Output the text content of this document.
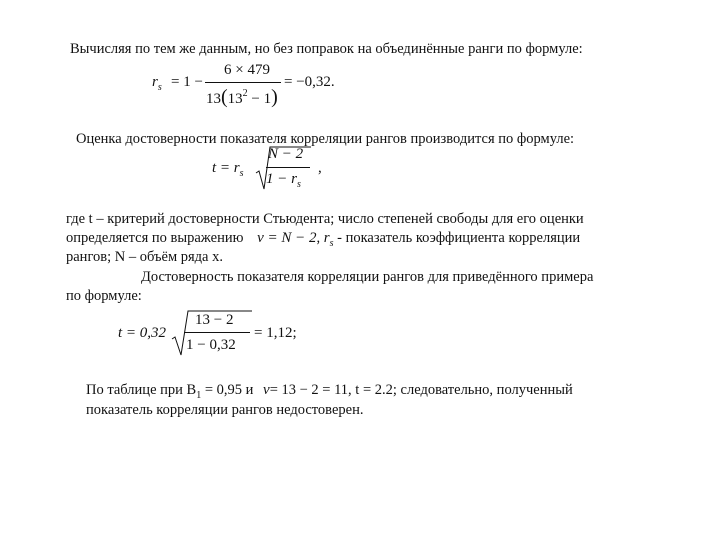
Вычисляя по тем же данным, но без поправок на объединённые ранги по формуле:
$r_s = 1$ −
6 × 479
$13(13^2 - 1)$
= −0,32.
Оценка достоверности показателя корреляции рангов производится по формуле:
$t = r_s$
N − 2
$1 - r_s$
,
где t – критерий достоверности Стьюдента; число степеней свободы для его оценки
определяется по выражению v = N − 2, $r_s$ - показатель коэффициента корреляции
рангов; N – объём ряда x.
Достоверность показателя корреляции рангов для приведённого примера
по формуле:
t = 0,32
13 − 2
1 − 0,32
= 1,12;
По таблице при $В_1 = 0,95$ и v= 13 − 2 = 11, t = 2.2; следовательно, полученный
показатель корреляции рангов недостоверен.
